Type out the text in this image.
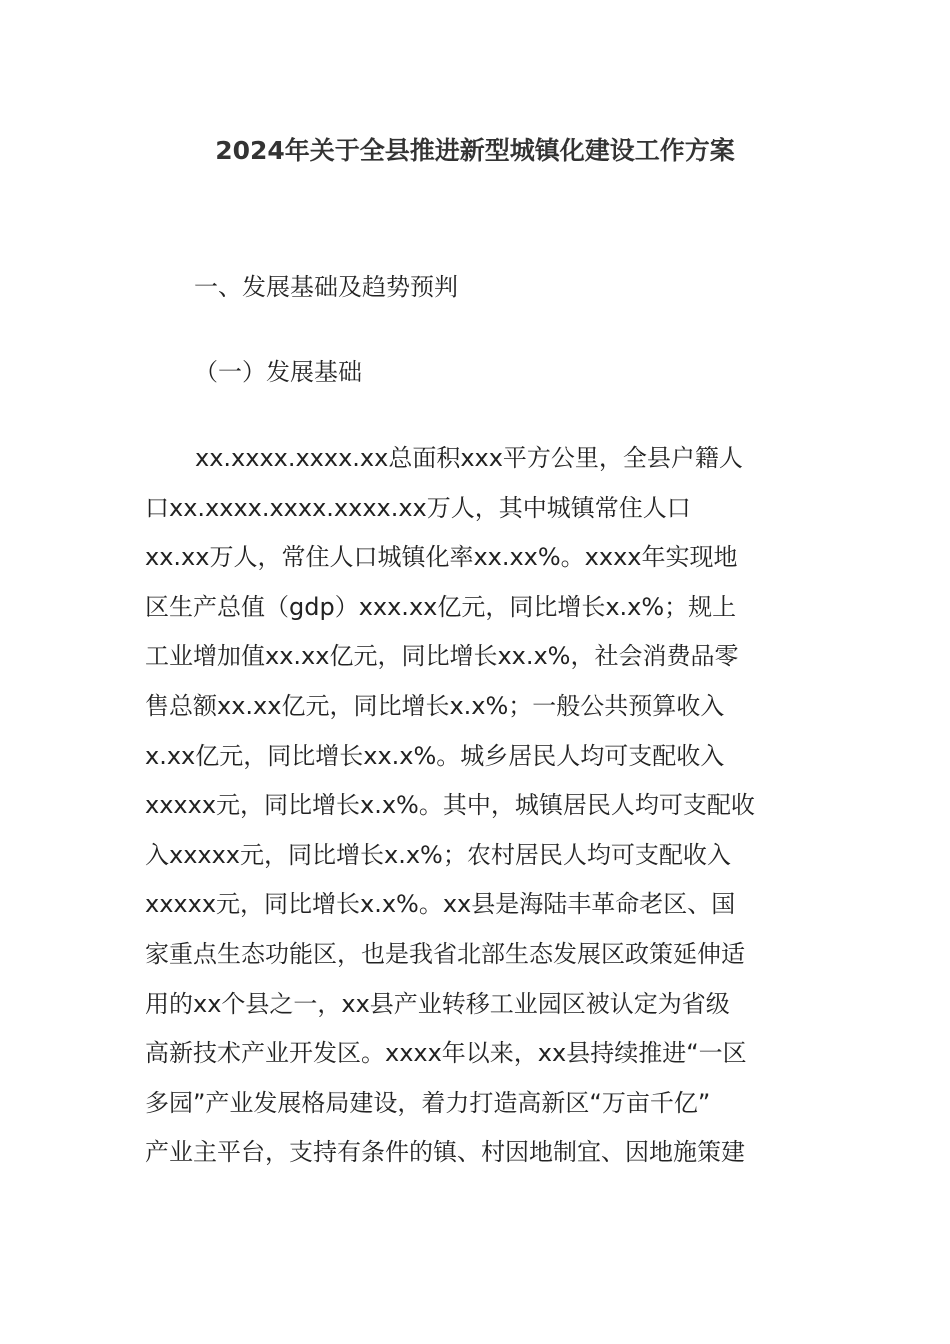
2024年关于全县推进新型城镇化建设工作方案

一、发展基础及趋势预判

（一）发展基础

xx.xxxx.xxxx.xx总面积xxx平方公里，全县户籍人
口xx.xxxx.xxxx.xxxx.xx万人，其中城镇常住人口
xx.xx万人，常住人口城镇化率xx.xx%。xxxx年实现地
区生产总值（gdp）xxx.xx亿元，同比增长x.x%；规上
工业增加值xx.xx亿元，同比增长xx.x%，社会消费品零
售总额xx.xx亿元，同比增长x.x%；一般公共预算收入
x.xx亿元，同比增长xx.x%。城乡居民人均可支配收入
xxxxx元，同比增长x.x%。其中，城镇居民人均可支配收
入xxxxx元，同比增长x.x%；农村居民人均可支配收入
xxxxx元，同比增长x.x%。xx县是海陆丰革命老区、国
家重点生态功能区，也是我省北部生态发展区政策延伸适
用的xx个县之一，xx县产业转移工业园区被认定为省级
高新技术产业开发区。xxxx年以来，xx县持续推进“一区
多园”产业发展格局建设，着力打造高新区“万亩千亿”
产业主平台，支持有条件的镇、村因地制宜、因地施策建
